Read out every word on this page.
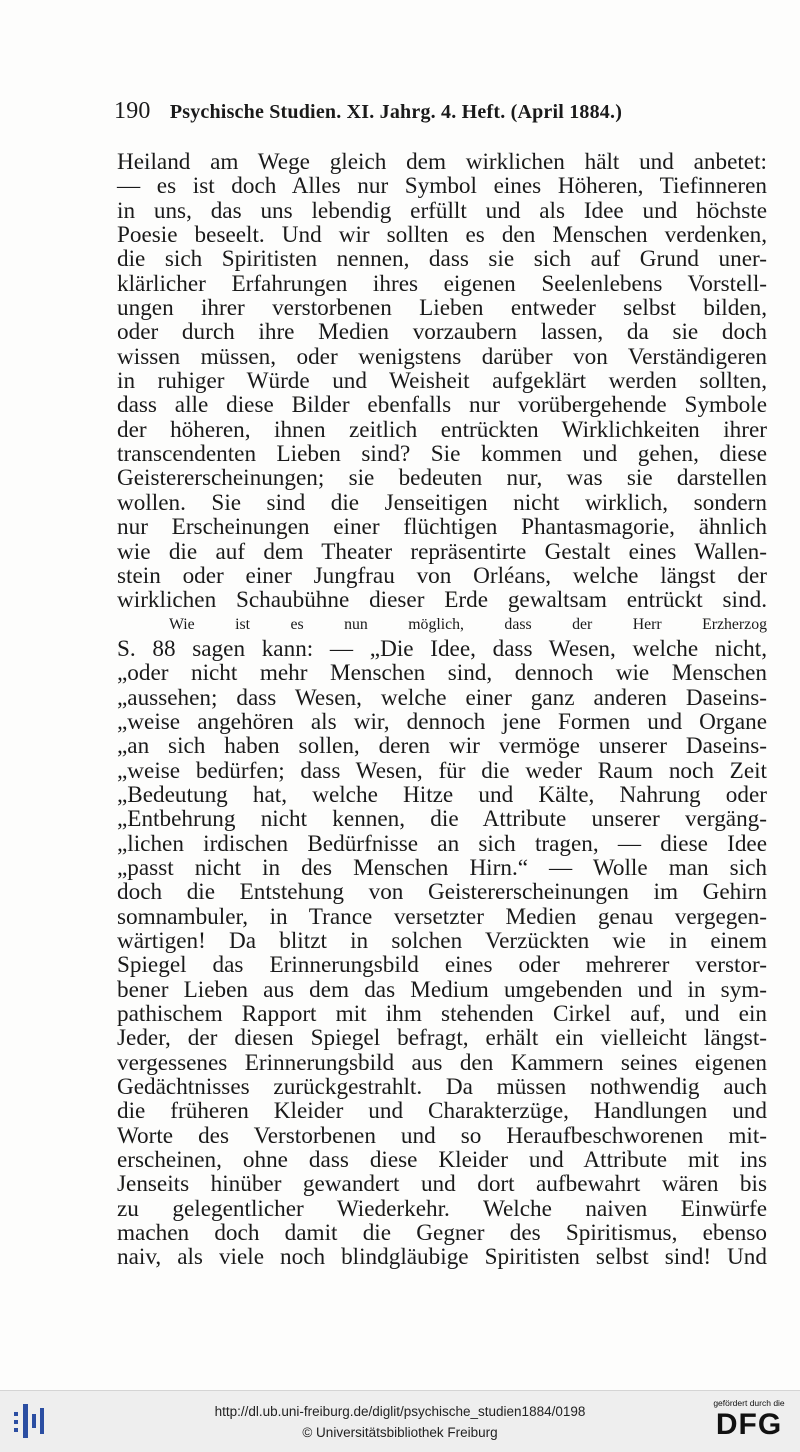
190 Psychische Studien. XI. Jahrg. 4. Heft. (April 1884.)
Heiland am Wege gleich dem wirklichen hält und anbetet:
— es ist doch Alles nur Symbol eines Höheren, Tiefinneren
in uns, das uns lebendig erfüllt und als Idee und höchste
Poesie beseelt. Und wir sollten es den Menschen verdenken,
die sich Spiritisten nennen, dass sie sich auf Grund uner-
klärlicher Erfahrungen ihres eigenen Seelenlebens Vorstell-
ungen ihrer verstorbenen Lieben entweder selbst bilden,
oder durch ihre Medien vorzaubern lassen, da sie doch
wissen müssen, oder wenigstens darüber von Verständigeren
in ruhiger Würde und Weisheit aufgeklärt werden sollten,
dass alle diese Bilder ebenfalls nur vorübergehende Symbole
der höheren, ihnen zeitlich entrückten Wirklichkeiten ihrer
transcendenten Lieben sind? Sie kommen und gehen, diese
Geistererscheinungen; sie bedeuten nur, was sie darstellen
wollen. Sie sind die Jenseitigen nicht wirklich, sondern
nur Erscheinungen einer flüchtigen Phantasmagorie, ähnlich
wie die auf dem Theater repräsentirte Gestalt eines Wallen-
stein oder einer Jungfrau von Orléans, welche längst der
wirklichen Schaubühne dieser Erde gewaltsam entrückt sind.
Wie ist es nun möglich, dass der Herr Erzherzog
S. 88 sagen kann: — „Die Idee, dass Wesen, welche nicht,
„oder nicht mehr Menschen sind, dennoch wie Menschen
„aussehen; dass Wesen, welche einer ganz anderen Daseins-
„weise angehören als wir, dennoch jene Formen und Organe
„an sich haben sollen, deren wir vermöge unserer Daseins-
„weise bedürfen; dass Wesen, für die weder Raum noch Zeit
„Bedeutung hat, welche Hitze und Kälte, Nahrung oder
„Entbehrung nicht kennen, die Attribute unserer vergäng-
„lichen irdischen Bedürfnisse an sich tragen, — diese Idee
„passt nicht in des Menschen Hirn.“ — Wolle man sich
doch die Entstehung von Geistererscheinungen im Gehirn
somnambuler, in Trance versetzter Medien genau vergegen-
wärtigen! Da blitzt in solchen Verzückten wie in einem
Spiegel das Erinnerungsbild eines oder mehrerer verstor-
bener Lieben aus dem das Medium umgebenden und in sym-
pathischem Rapport mit ihm stehenden Cirkel auf, und ein
Jeder, der diesen Spiegel befragt, erhält ein vielleicht längst-
vergessenes Erinnerungsbild aus den Kammern seines eigenen
Gedächtnisses zurückgestrahlt. Da müssen nothwendig auch
die früheren Kleider und Charakterzüge, Handlungen und
Worte des Verstorbenen und so Heraufbeschworenen mit-
erscheinen, ohne dass diese Kleider und Attribute mit ins
Jenseits hinüber gewandert und dort aufbewahrt wären bis
zu gelegentlicher Wiederkehr. Welche naiven Einwürfe
machen doch damit die Gegner des Spiritismus, ebenso
naiv, als viele noch blindgläubige Spiritisten selbst sind! Und
http://dl.ub.uni-freiburg.de/diglit/psychische_studien1884/0198
© Universitätsbibliothek Freiburg
gefördert durch die
DFG
